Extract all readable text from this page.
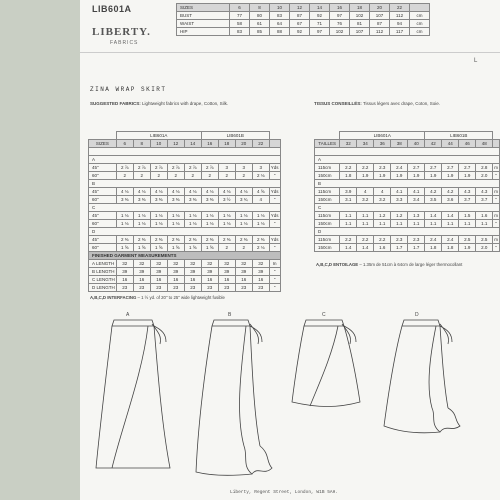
LIB601A
LIBERTY.
FABRICS
SIZES	6	8	10	12	14	16	18	20	22	
BUST	77	80	83	87	92	97	102	107	112	cm
WAIST	58	61	64	67	71	76	81	87	94	cm
HIP	83	85	88	92	97	102	107	112	117	cm
L
ZINA WRAP SKIRT
SUGGESTED FABRICS: Lightweight fabrics with drape, Cotton, Silk.	TISSUS CONSEILLÉS: Tissus légers avec drape, Coton, Soie.
	LIB601A					LIB601B				
SIZES	6	8	10	12	14	16	18	20	22	

A										
45"	2 ⅞	2 ⅞	2 ⅞	2 ⅞	2 ⅞	2 ⅞	3	3	3	Yds
60"	2	2	2	2	2	2	2	2	2 ⅛	"
B										
45"	4 ⅛	4 ⅛	4 ⅛	4 ⅛	4 ⅛	4 ⅛	4 ⅛	4 ⅛	4 ⅝	Yds
60"	3 ⅜	3 ⅜	3 ⅜	3 ⅜	3 ⅜	3 ⅜	3 ½	3 ¾	4	"
C										
45"	1 ⅛	1 ⅛	1 ⅛	1 ⅛	1 ⅛	1 ⅛	1 ⅛	1 ⅛	1 ⅛	Yds
60"	1 ⅛	1 ⅛	1 ⅛	1 ⅛	1 ⅛	1 ⅛	1 ⅛	1 ⅛	1 ⅛	"
D										
45"	2 ⅜	2 ⅜	2 ⅜	2 ⅜	2 ⅜	2 ⅜	2 ⅜	2 ⅜	2 ⅜	Yds
60"	1 ⅝	1 ⅝	1 ⅝	1 ⅝	1 ⅝	1 ⅝	2	2	2 ⅛	"
FINISHED GARMENT MEASUREMENTS										
A LENGTH	32	32	32	32	32	32	32	32	32	In
B LENGTH	39	39	39	39	39	39	39	39	39	"
C LENGTH	16	16	16	16	16	16	16	16	16	"
D LENGTH	23	23	23	23	23	23	23	23	23	"
	LIB601A					LIB601B				
TAILLES	32	34	36	38	40	42	44	46	48	

A										
115cm	2.2	2.2	2.3	2.4	2.7	2.7	2.7	2.7	2.8	m
150cm	1.8	1.9	1.9	1.9	1.9	1.9	1.9	1.9	2.0	"
B										
115cm	3.9	4	4	4.1	4.1	4.2	4.2	4.3	4.3	m
150cm	3.1	3.2	3.2	3.3	3.4	3.5	3.6	3.7	3.7	"
C										
115cm	1.1	1.1	1.2	1.2	1.3	1.4	1.4	1.5	1.6	m
150cm	1.1	1.1	1.1	1.1	1.1	1.1	1.1	1.1	1.1	"
D										
115cm	2.2	2.2	2.2	2.3	2.3	2.4	2.4	2.5	2.5	m
150cm	1.4	1.4	1.6	1.7	1.7	1.8	1.8	1.9	2.0	"
A,B,C,D INTERFACING – 1 ½ yd. of 20" to 25" wide lightweight fusible
A,B,C,D ENTOILAGE – 1.35m de 51cm à 64cm de large léger thermocollant
A	B	C	D
Liberty, Regent Street, London, W1B 5AH.
